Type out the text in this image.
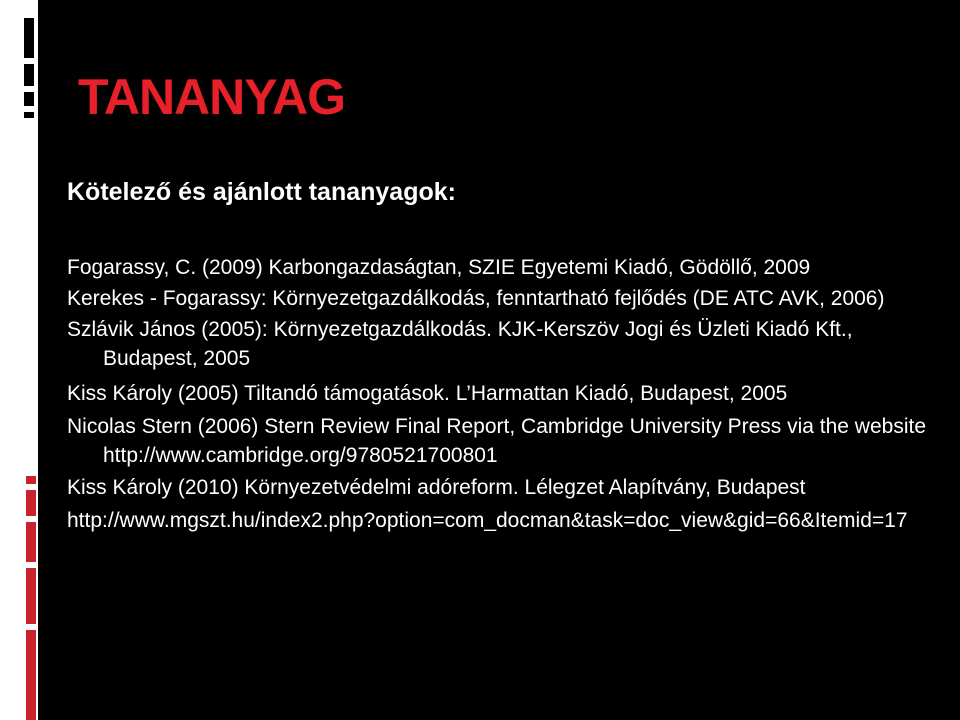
TANANYAG
Kötelező és ajánlott tananyagok:
Fogarassy, C. (2009) Karbongazdaságtan, SZIE Egyetemi Kiadó, Gödöllő, 2009
Kerekes - Fogarassy: Környezetgazdálkodás, fenntartható fejlődés (DE ATC AVK, 2006)
Szlávik János (2005): Környezetgazdálkodás. KJK-Kerszöv Jogi és Üzleti Kiadó Kft., Budapest, 2005
Kiss Károly (2005) Tiltandó támogatások. L’Harmattan Kiadó, Budapest, 2005
Nicolas Stern (2006) Stern Review Final Report, Cambridge University Press via the website http://www.cambridge.org/9780521700801
Kiss Károly (2010) Környezetvédelmi adóreform. Lélegzet Alapítvány, Budapest
http://www.mgszt.hu/index2.php?option=com_docman&task=doc_view&gid=66&Itemid=17
